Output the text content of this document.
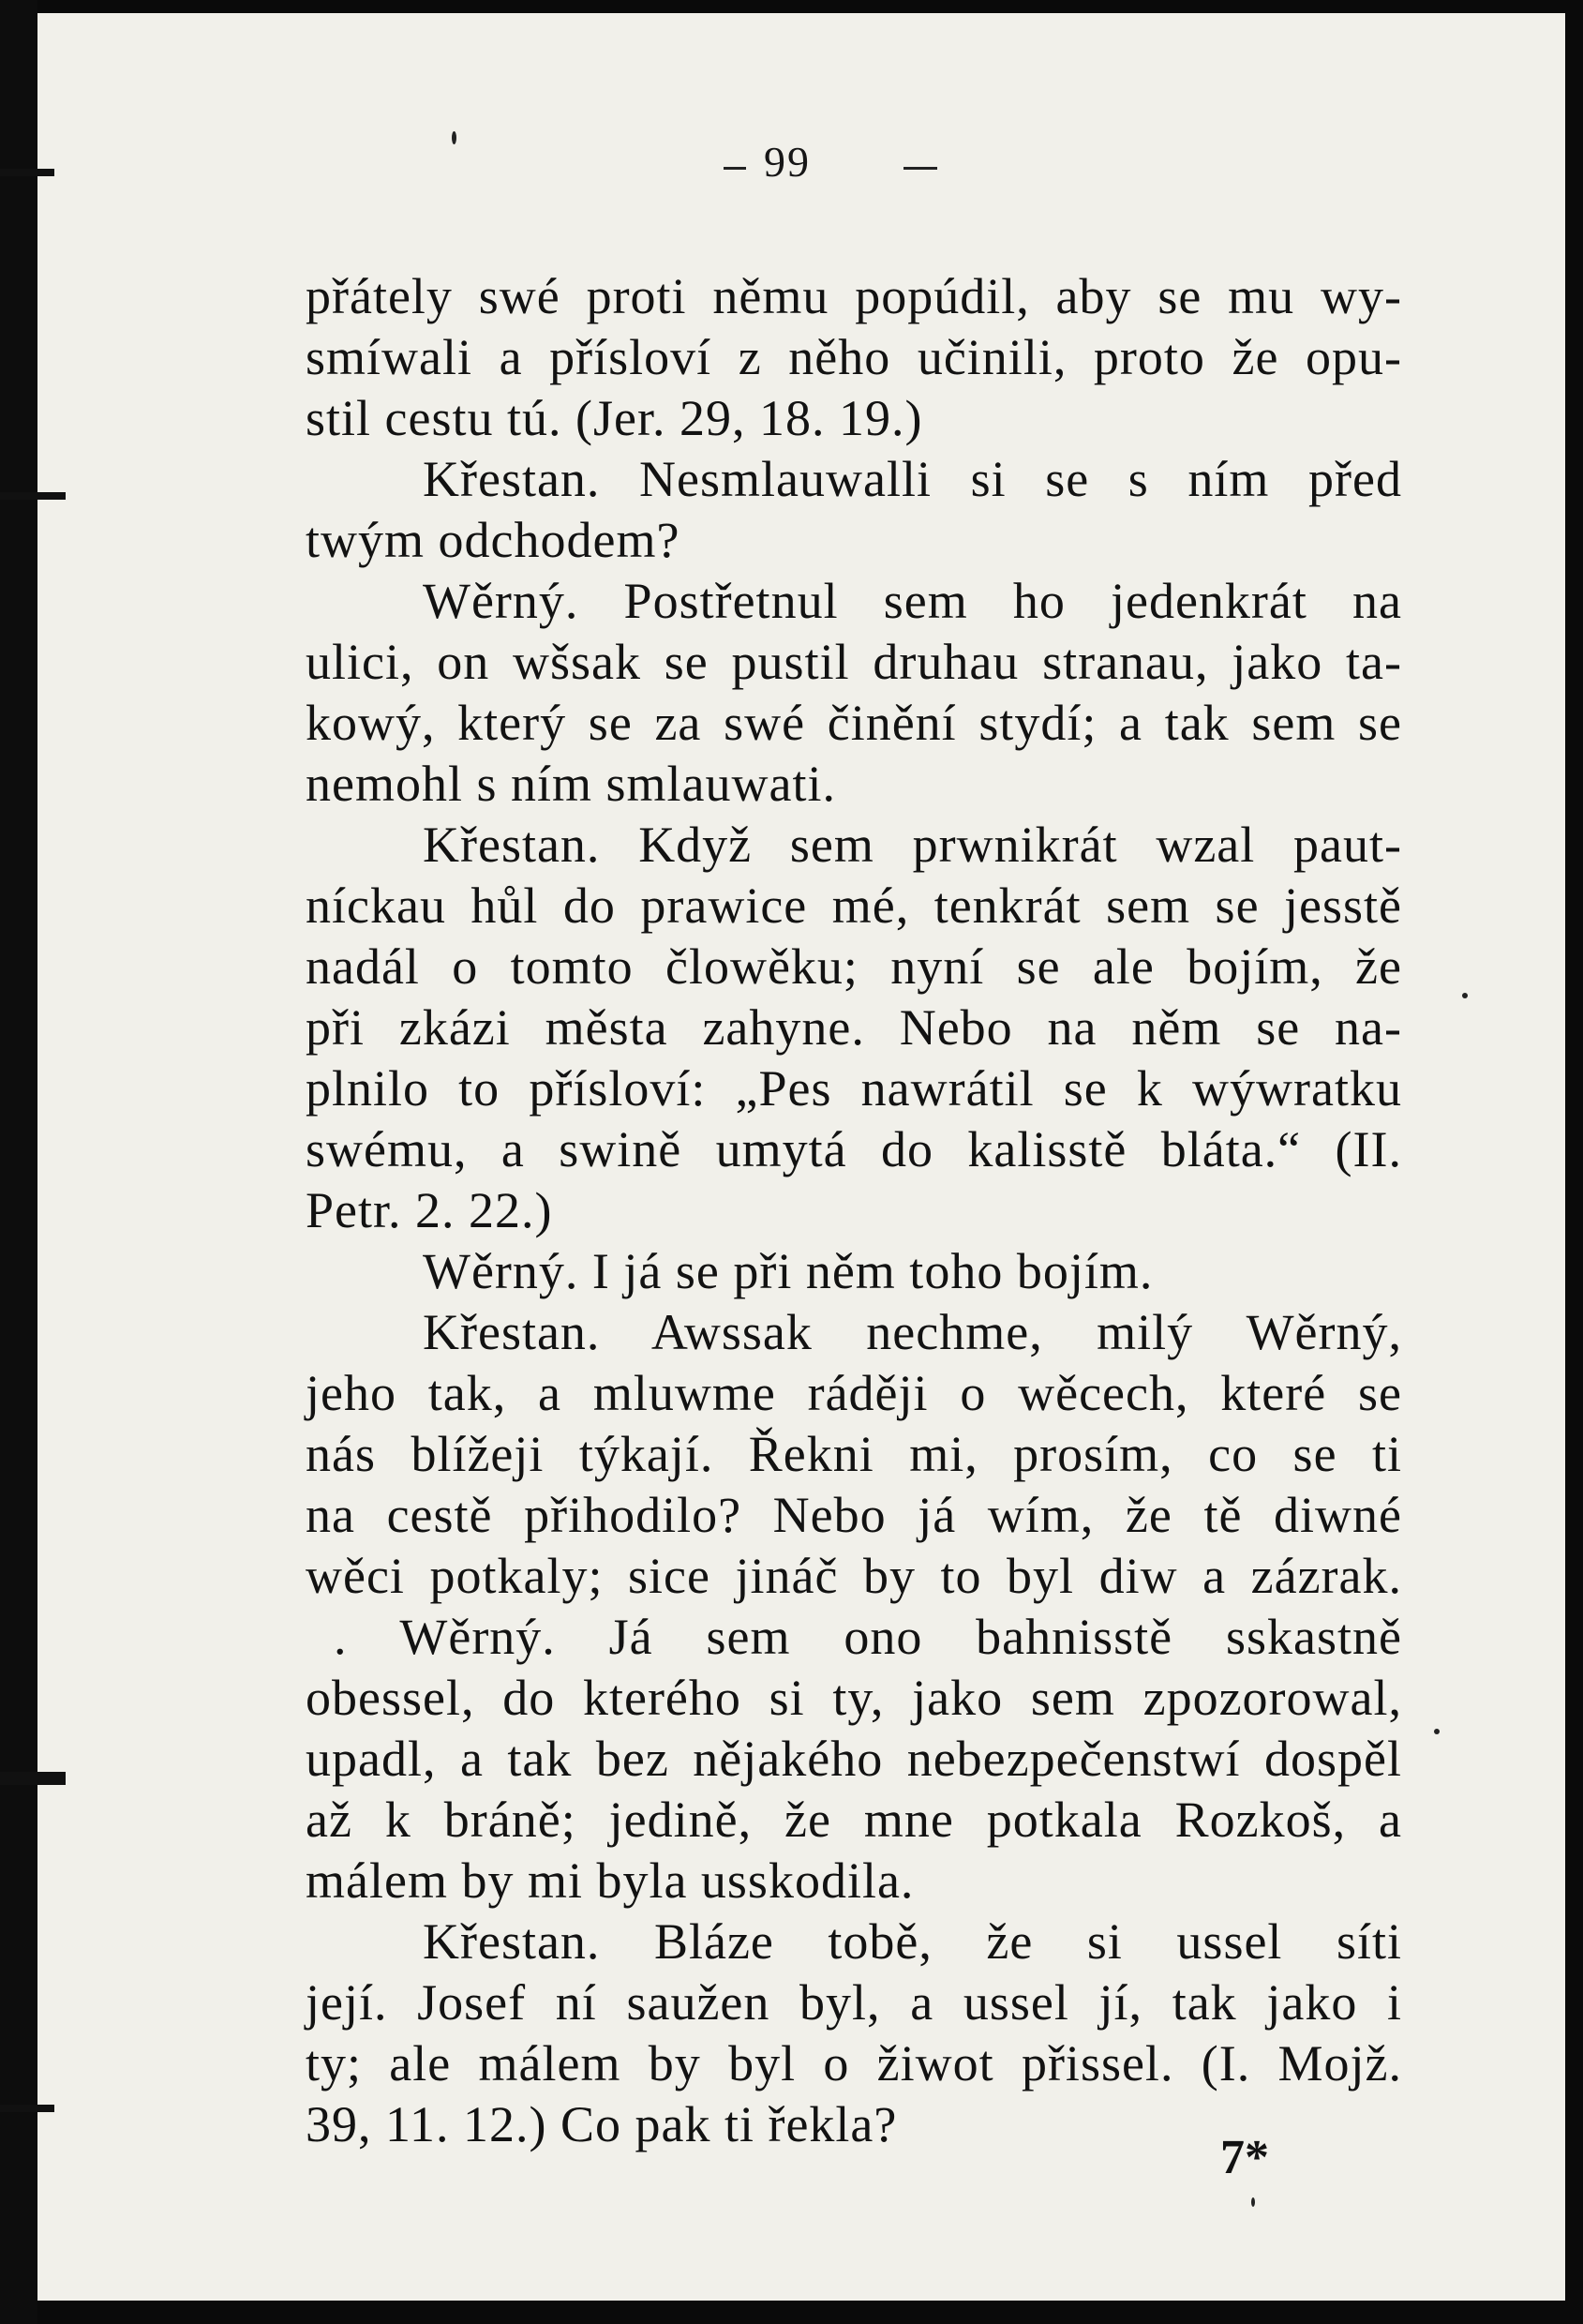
99
přátely swé proti němu popúdil, aby se mu wy-
smíwali a přísloví z něho učinili, proto že opu-
stil cestu tú. (Jer. 29, 18. 19.)
Křestan. Nesmlauwalli si se s ním před
twým odchodem?
Wěrný. Postřetnul sem ho jedenkrát na
ulici, on wšsak se pustil druhau stranau, jako ta-
kowý, který se za swé činění stydí; a tak sem se
nemohl s ním smlauwati.
Křestan. Když sem prwnikrát wzal paut-
níckau hůl do prawice mé, tenkrát sem se jesstě
nadál o tomto člowěku; nyní se ale bojím, že
při zkázi města zahyne. Nebo na něm se na-
plnilo to přísloví: „Pes nawrátil se k wýwratku
swému, a swině umytá do kalisstě bláta.“ (II.
Petr. 2. 22.)
Wěrný. I já se při něm toho bojím.
Křestan. Awssak nechme, milý Wěrný,
jeho tak, a mluwme ráději o wěcech, které se
nás blížeji týkají. Řekni mi, prosím, co se ti
na cestě přihodilo? Nebo já wím, že tě diwné
wěci potkaly; sice jináč by to byl diw a zázrak.
. Wěrný. Já sem ono bahnisstě sskastně
obessel, do kterého si ty, jako sem zpozorowal,
upadl, a tak bez nějakého nebezpečenstwí dospěl
až k bráně; jedině, že mne potkala Rozkoš, a
málem by mi byla usskodila.
Křestan. Bláze tobě, že si ussel síti
její. Josef ní saužen byl, a ussel jí, tak jako i
ty; ale málem by byl o žiwot přissel. (I. Mojž.
39, 11. 12.) Co pak ti řekla?
7*
